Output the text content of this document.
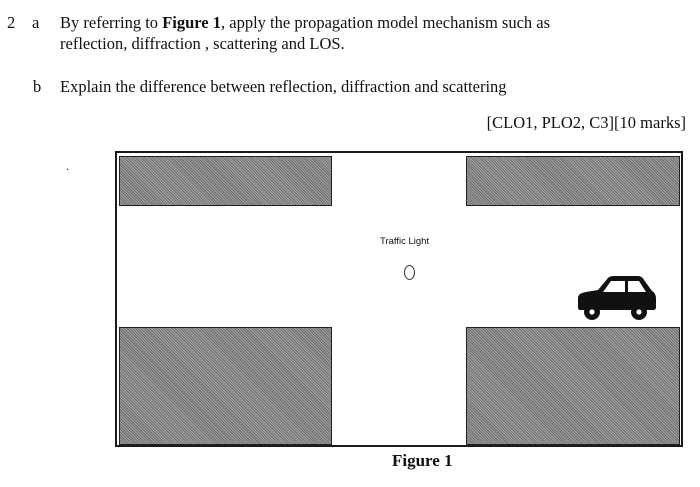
2 a By referring to Figure 1, apply the propagation model mechanism such as
reflection, diffraction , scattering and LOS.
b Explain the difference between reflection, diffraction and scattering
[CLO1, PLO2, C3][10 marks]
.
Traffic Light
Figure 1
